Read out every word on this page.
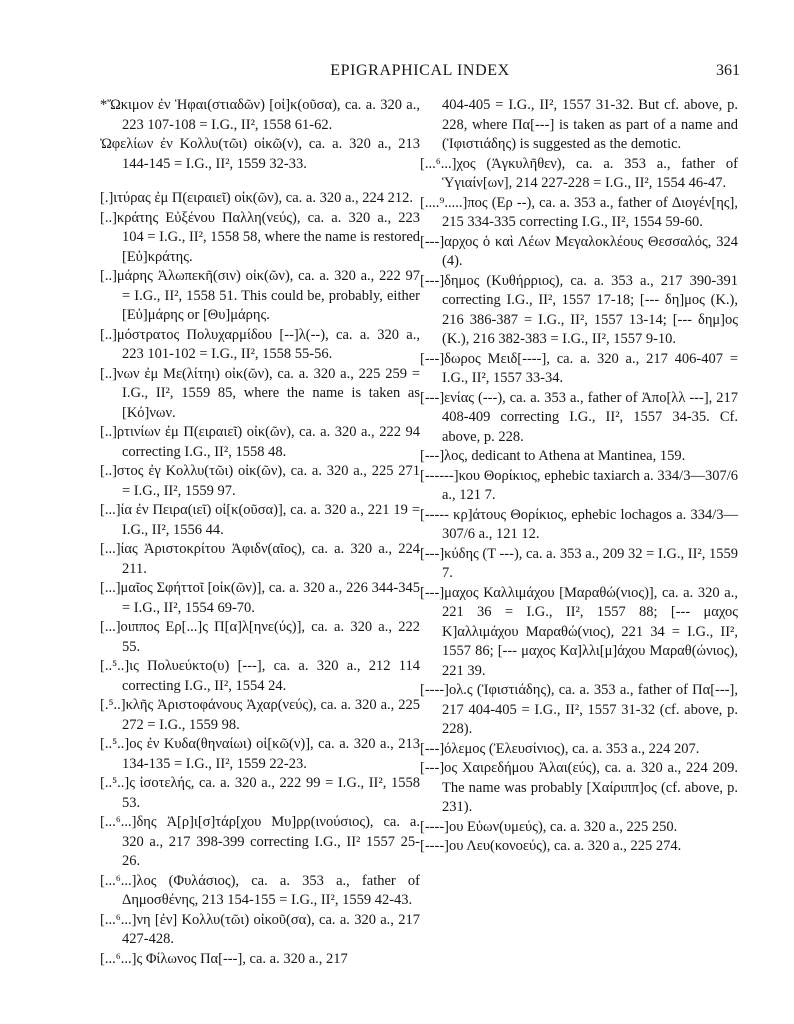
EPIGRAPHICAL INDEX	361

*Ὤκιμον ἐν Ἡφαι(στιαδῶν) [οἰ]κ(οῦσα), ca. a. 320 a., 223 107-108 = I.G., II², 1558 61-62.

Ὠφελίων ἐν Κολλυ(τῶι) οἰκῶ(ν), ca. a. 320 a., 213 144-145 = I.G., II², 1559 32-33.

[.]ιτύρας ἐμ Π(ειραιεῖ) οἰκ(ῶν), ca. a. 320 a., 224 212.

[..]κράτης Εὐξένου Παλλη(νεύς), ca. a. 320 a., 223 104 = I.G., II², 1558 58, where the name is restored [Εὐ]κράτης.

[..]μάρης Ἀλωπεκῆ(σιν) οἰκ(ῶν), ca. a. 320 a., 222 97 = I.G., II², 1558 51. This could be, probably, either [Εὐ]μάρης or [Θυ]μάρης.

[..]μόστρατος Πολυχαρμίδου [--]λ(--), ca. a. 320 a., 223 101-102 = I.G., II², 1558 55-56.

[..]νων ἐμ Με(λίτηι) οἰκ(ῶν), ca. a. 320 a., 225 259 = I.G., II², 1559 85, where the name is taken as [Κό]νων.

[..]ρτινίων ἐμ Π(ειραιεῖ) οἰκ(ῶν), ca. a. 320 a., 222 94 correcting I.G., II², 1558 48.

[..]στος ἐγ Κολλυ(τῶι) οἰκ(ῶν), ca. a. 320 a., 225 271 = I.G., II², 1559 97.

[...]ία ἐν Πειρα(ιεῖ) οἰ[κ(οῦσα)], ca. a. 320 a., 221 19 = I.G., II², 1556 44.

[...]ίας Ἀριστοκρίτου Ἀφιδν(αῖος), ca. a. 320 a., 224 211.

[...]μαῖος Σφήττοῖ [οἰκ(ῶν)], ca. a. 320 a., 226 344-345 = I.G., II², 1554 69-70.

[...]οιππος Ερ[...]ς Π[α]λ[ηνε(ύς)], ca. a. 320 a., 222 55.

[..⁵..]ις Πολυεύκτο(υ) [---], ca. a. 320 a., 212 114 correcting I.G., II², 1554 24.

[.⁵..]κλῆς Ἀριστοφάνους Ἀχαρ(νεύς), ca. a. 320 a., 225 272 = I.G., 1559 98.

[..⁵..]ος ἐν Κυδα(θηναίωι) οἰ[κῶ(ν)], ca. a. 320 a., 213 134-135 = I.G., II², 1559 22-23.

[..⁵..]ς ἰσοτελής, ca. a. 320 a., 222 99 = I.G., II², 1558 53.

[...⁶...]δης Ἀ[ρ]ι[σ]τάρ[χου Μυ]ρρ(ινούσιος), ca. a. 320 a., 217 398-399 correcting I.G., II² 1557 25-26.

[...⁶...]λος (Φυλάσιος), ca. a. 353 a., father of Δημοσθένης, 213 154-155 = I.G., II², 1559 42-43.

[...⁶...]νη [ἐν] Κολλυ(τῶι) οἰκοῦ(σα), ca. a. 320 a., 217 427-428.

[...⁶...]ς Φίλωνος Πα[---], ca. a. 320 a., 217

404-405 = I.G., II², 1557 31-32. But cf. above, p. 228, where Πα[---] is taken as part of a name and (Ἰφιστιάδης) is suggested as the demotic.

[...⁶...]χος (Ἀγκυλῆθεν), ca. a. 353 a., father of Ὑγιαίν[ων], 214 227-228 = I.G., II², 1554 46-47.

[....⁹.....]πος (Ερ --), ca. a. 353 a., father of Διογέν[ης], 215 334-335 correcting I.G., II², 1554 59-60.

[---]αρχος ὁ καὶ Λέων Μεγαλοκλέους Θεσσαλός, 324 (4).

[---]δημος (Κυθήρριος), ca. a. 353 a., 217 390-391 correcting I.G., II², 1557 17-18; [--- δη]μος (Κ.), 216 386-387 = I.G., II², 1557 13-14; [--- δημ]ος (Κ.), 216 382-383 = I.G., II², 1557 9-10.

[---]δωρος Μειδ[----], ca. a. 320 a., 217 406-407 = I.G., II², 1557 33-34.

[---]ενίας (---), ca. a. 353 a., father of Ἀπο[λλ ---], 217 408-409 correcting I.G., II², 1557 34-35. Cf. above, p. 228.

[---]λος, dedicant to Athena at Mantinea, 159.

[------]κου Θορίκιος, ephebic taxiarch a. 334/3—307/6 a., 121 7.

[----- κρ]άτους Θορίκιος, ephebic lochagos a. 334/3—307/6 a., 121 12.

[---]κύδης (Τ ---), ca. a. 353 a., 209 32 = I.G., II², 1559 7.

[---]μαχος Καλλιμάχου [Μαραθώ(νιος)], ca. a. 320 a., 221 36 = I.G., II², 1557 88; [--- μαχος Κ]αλλιμάχου Μαραθώ(νιος), 221 34 = I.G., II², 1557 86; [--- μαχος Κα]λλι[μ]άχου Μαραθ(ώνιος), 221 39.

[----]ολ.ς (Ἰφιστιάδης), ca. a. 353 a., father of Πα[---], 217 404-405 = I.G., II², 1557 31-32 (cf. above, p. 228).

[---]όλεμος (Ἐλευσίνιος), ca. a. 353 a., 224 207.

[---]ος Χαιρεδήμου Ἁλαι(εύς), ca. a. 320 a., 224 209. The name was probably [Χαίριππ]ος (cf. above, p. 231).

[----]ου Εὐων(υμεύς), ca. a. 320 a., 225 250.

[----]ου Λευ(κονοεύς), ca. a. 320 a., 225 274.
